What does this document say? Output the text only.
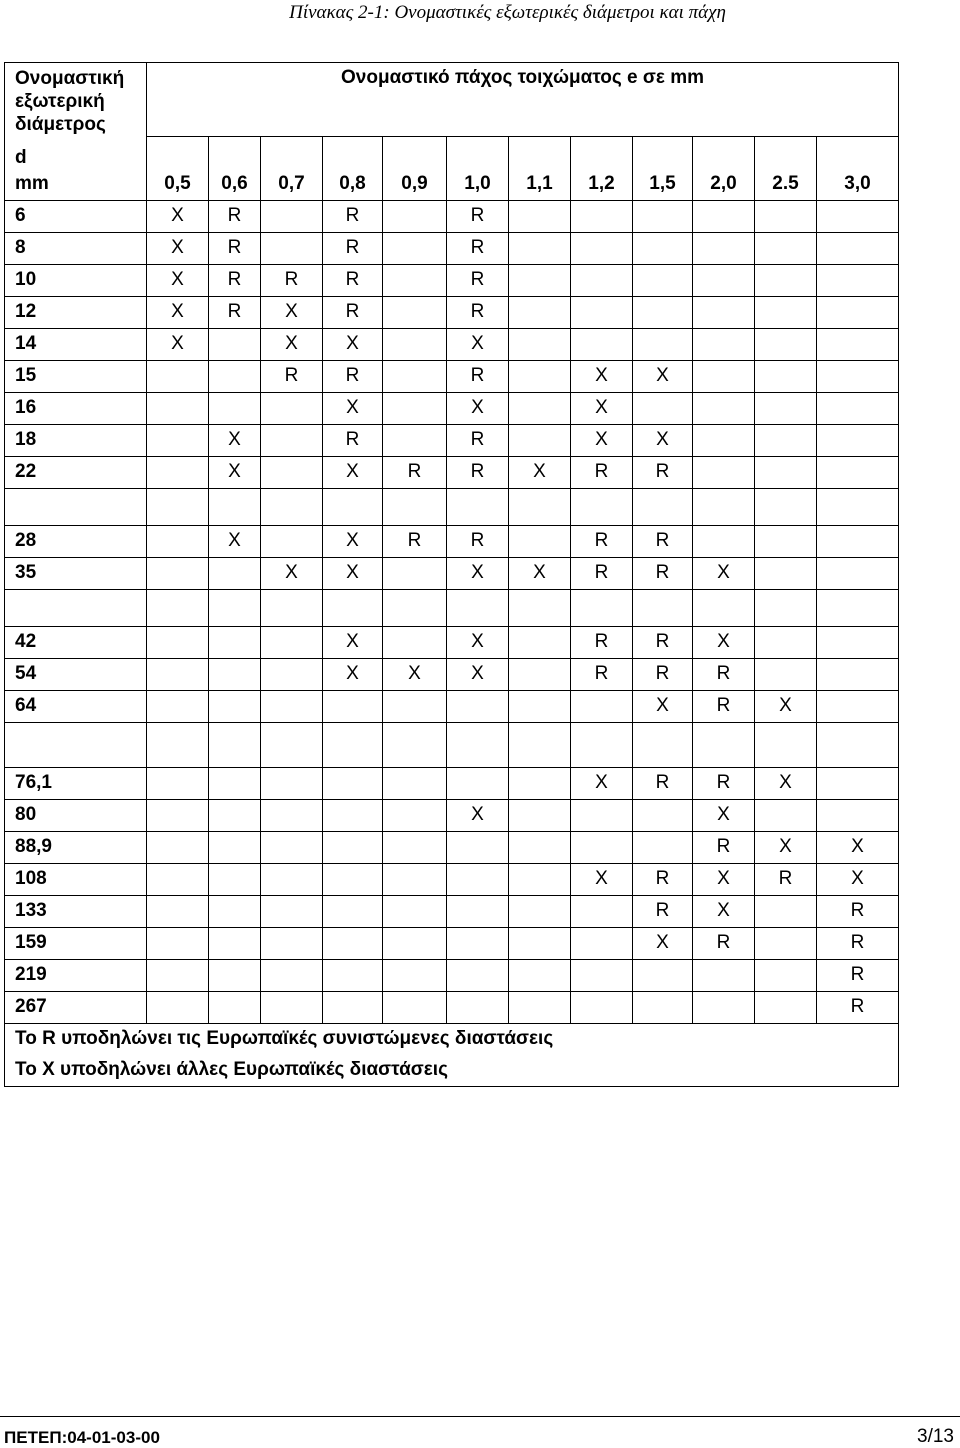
Πίνακας 2-1: Ονομαστικές εξωτερικές διάμετροι και πάχη
Ονομαστική
εξωτερική
διάμετρος	Ονομαστικό πάχος τοιχώματος e σε mm											
d												
mm	0,5	0,6	0,7	0,8	0,9	1,0	1,1	1,2	1,5	2,0	2.5	3,0
6	X	R		R		R						
8	X	R		R		R						
10	X	R	R	R		R						
12	X	R	X	R		R						
14	X		X	X		X						
15			R	R		R		X	X			
16				X		X		X				
18		X		R		R		X	X			
22		X		X	R	R	X	R	R			

28		X		X	R	R		R	R			
35			X	X		X	X	R	R	X		

42				X		X		R	R	X		
54				X	X	X		R	R	R		
64									X	R	X	

76,1								X	R	R	X	
80						X				X		
88,9										R	X	X
108								X	R	X	R	X
133									R	X		R
159									X	R		R
219												R
267												R
Το R υποδηλώνει τις Ευρωπαϊκές συνιστώμενες διαστάσεις												
Το Χ υποδηλώνει άλλες Ευρωπαϊκές διαστάσεις												
ΠΕΤΕΠ:04-01-03-00	3/13
